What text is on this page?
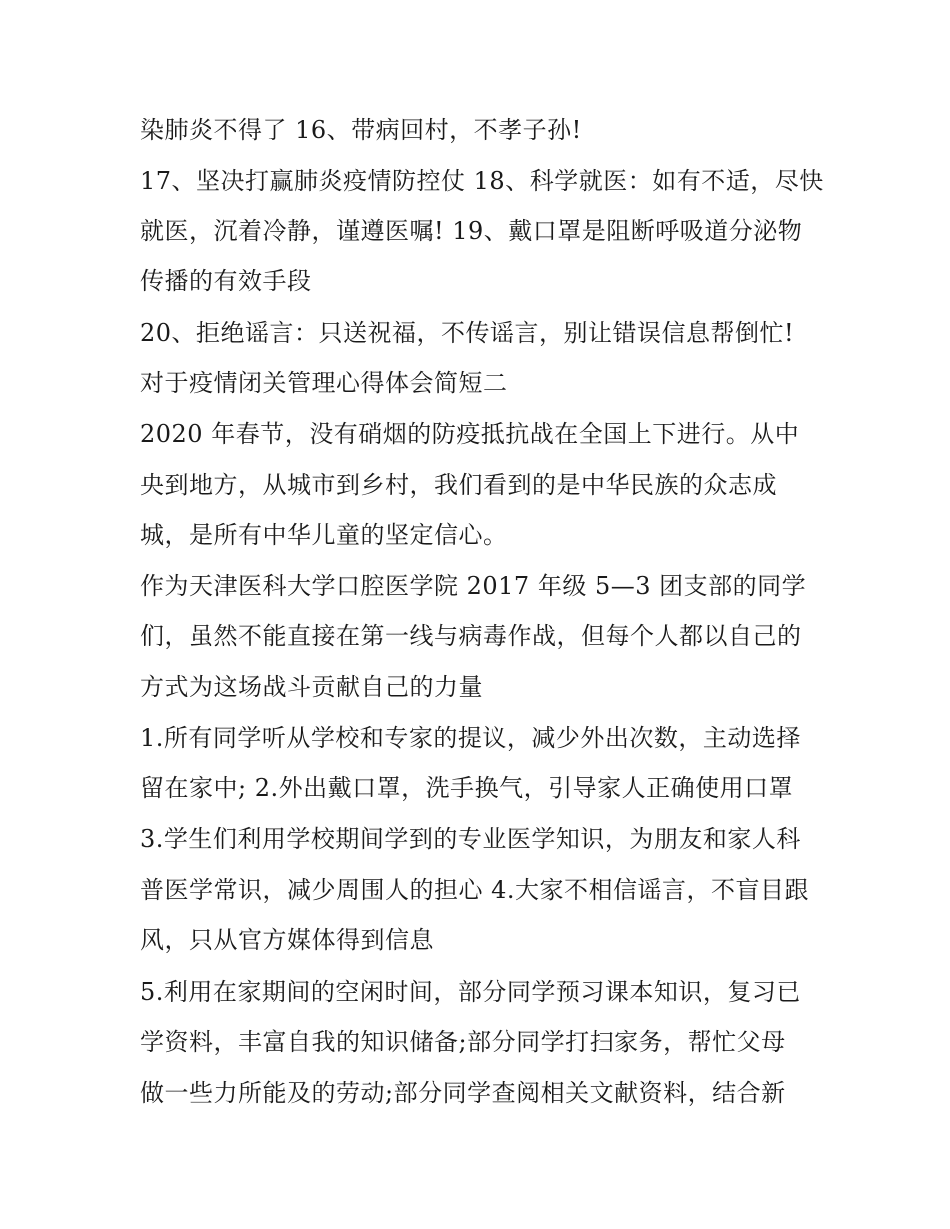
染肺炎不得了 16、带病回村，不孝子孙!
17、坚决打赢肺炎疫情防控仗 18、科学就医：如有不适，尽快
就医，沉着冷静，谨遵医嘱! 19、戴口罩是阻断呼吸道分泌物
传播的有效手段
20、拒绝谣言：只送祝福，不传谣言，别让错误信息帮倒忙!
对于疫情闭关管理心得体会简短二
2020 年春节，没有硝烟的防疫抵抗战在全国上下进行。从中
央到地方，从城市到乡村，我们看到的是中华民族的众志成
城，是所有中华儿童的坚定信心。
作为天津医科大学口腔医学院 2017 年级 5—3 团支部的同学
们，虽然不能直接在第一线与病毒作战，但每个人都以自己的
方式为这场战斗贡献自己的力量
1.所有同学听从学校和专家的提议，减少外出次数，主动选择
留在家中; 2.外出戴口罩，洗手换气，引导家人正确使用口罩
3.学生们利用学校期间学到的专业医学知识，为朋友和家人科
普医学常识，减少周围人的担心 4.大家不相信谣言，不盲目跟
风，只从官方媒体得到信息
5.利用在家期间的空闲时间，部分同学预习课本知识，复习已
学资料，丰富自我的知识储备;部分同学打扫家务，帮忙父母
做一些力所能及的劳动;部分同学查阅相关文献资料，结合新
